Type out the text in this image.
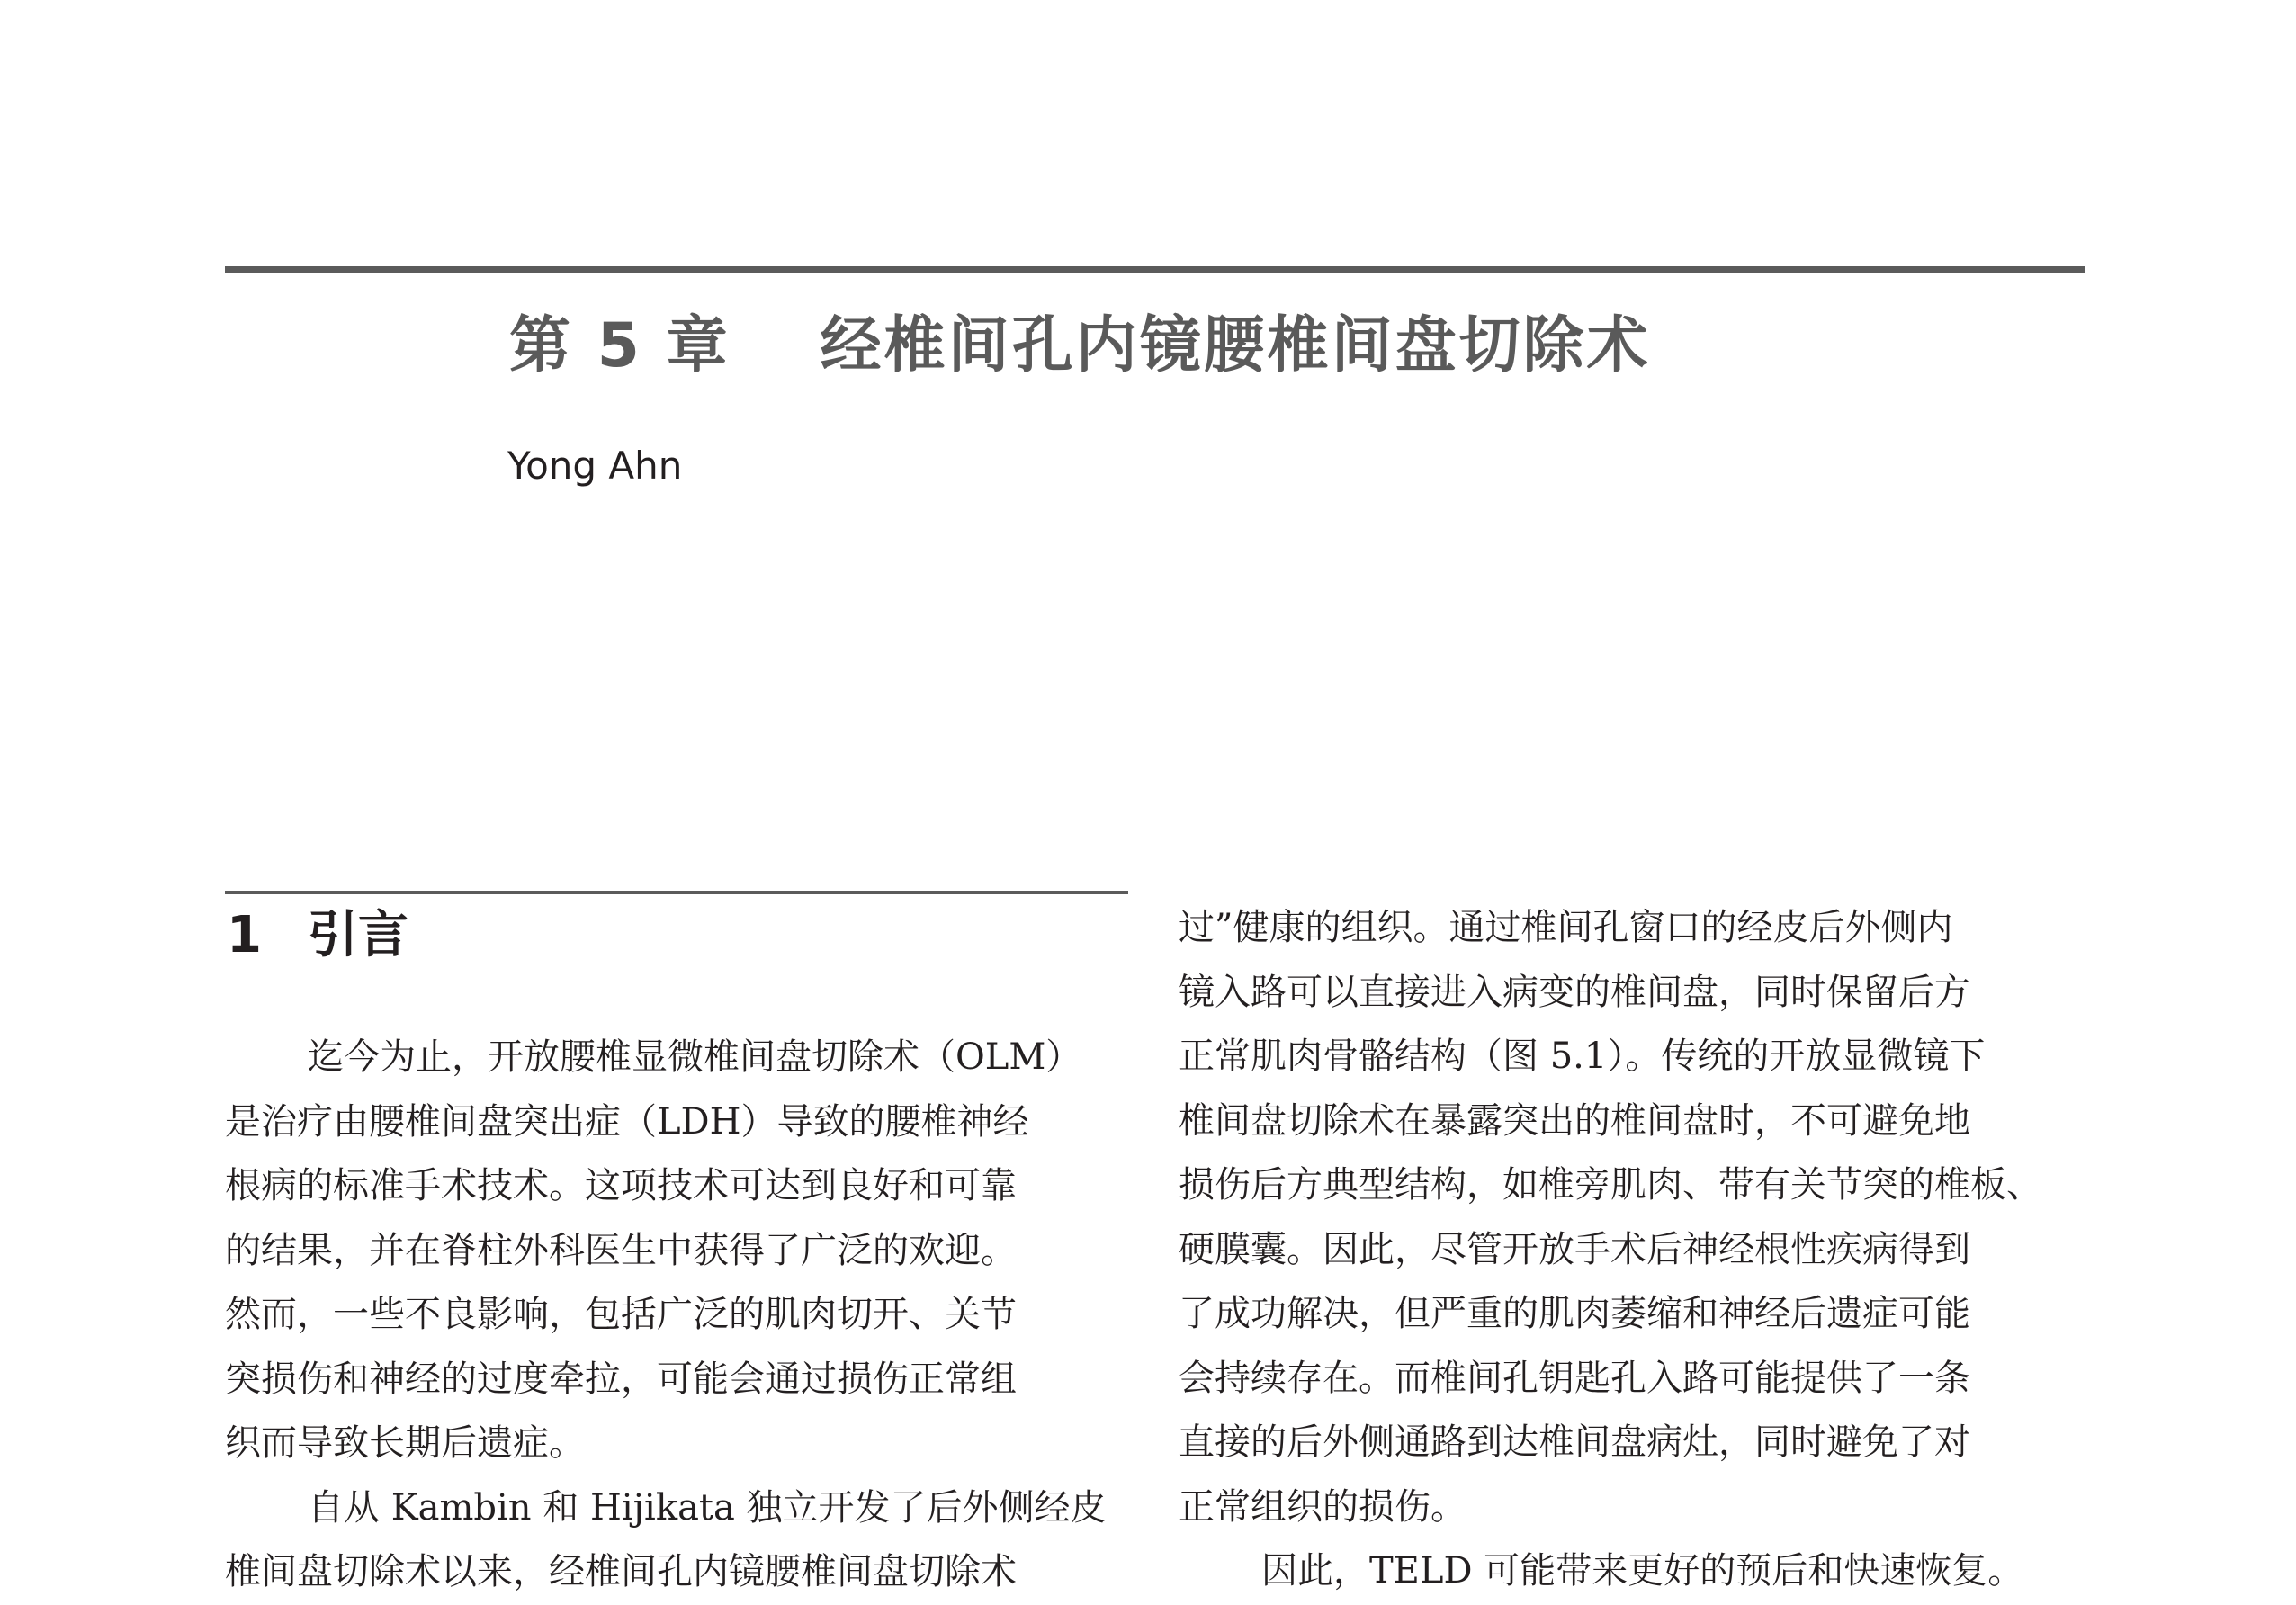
第 5 章 经椎间孔内镜腰椎间盘切除术
Yong Ahn
1 引言
迄今为止，开放腰椎显微椎间盘切除术（OLM）
是治疗由腰椎间盘突出症（LDH）导致的腰椎神经
根病的标准手术技术。这项技术可达到良好和可靠
的结果，并在脊柱外科医生中获得了广泛的欢迎。
然而，一些不良影响，包括广泛的肌肉切开、关节
突损伤和神经的过度牵拉，可能会通过损伤正常组
织而导致长期后遗症。
自从 Kambin 和 Hijikata 独立开发了后外侧经皮
椎间盘切除术以来，经椎间孔内镜腰椎间盘切除术
过”健康的组织。通过椎间孔窗口的经皮后外侧内
镜入路可以直接进入病变的椎间盘，同时保留后方
正常肌肉骨骼结构（图 5.1）。传统的开放显微镜下
椎间盘切除术在暴露突出的椎间盘时，不可避免地
损伤后方典型结构，如椎旁肌肉、带有关节突的椎板、
硬膜囊。因此，尽管开放手术后神经根性疾病得到
了成功解决，但严重的肌肉萎缩和神经后遗症可能
会持续存在。而椎间孔钥匙孔入路可能提供了一条
直接的后外侧通路到达椎间盘病灶，同时避免了对
正常组织的损伤。
因此，TELD 可能带来更好的预后和快速恢复。
